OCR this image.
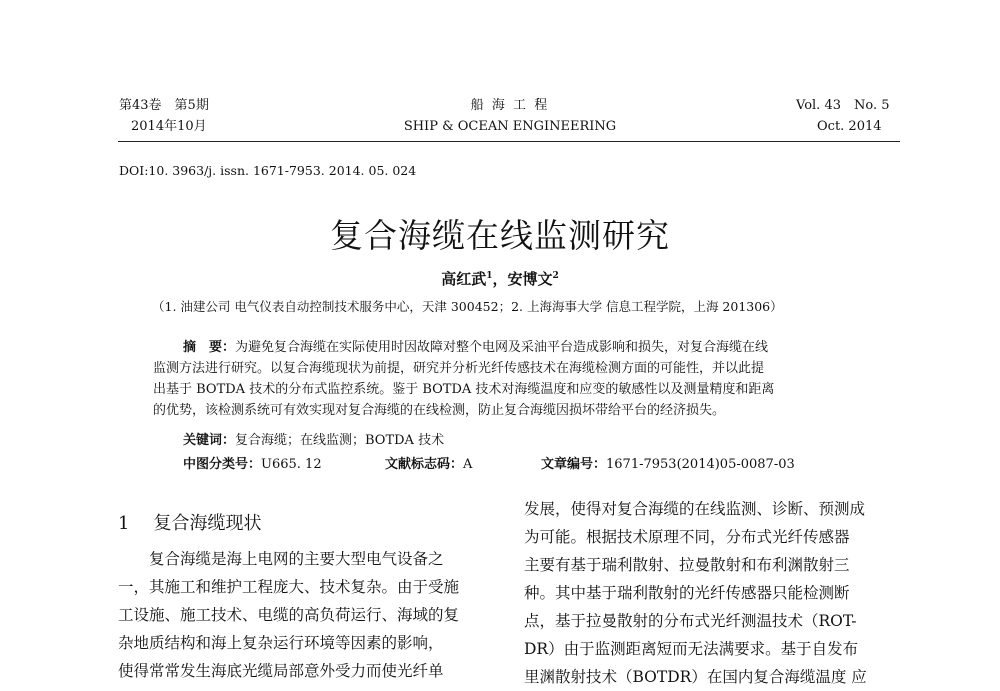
第43卷　第5期
2014年10月
船 海 工 程
SHIP & OCEAN ENGINEERING
Vol. 43　No. 5
Oct. 2014
DOI:10. 3963/j. issn. 1671-7953. 2014. 05. 024
复合海缆在线监测研究
高红武$^1$，安博文$^2$
（1. 油建公司 电气仪表自动控制技术服务中心，天津 300452；2. 上海海事大学 信息工程学院，上海 201306）
摘　要：为避免复合海缆在实际使用时因故障对整个电网及采油平台造成影响和损失，对复合海缆在线
监测方法进行研究。以复合海缆现状为前提，研究并分析光纤传感技术在海缆检测方面的可能性，并以此提
出基于 BOTDA 技术的分布式监控系统。鉴于 BOTDA 技术对海缆温度和应变的敏感性以及测量精度和距离
的优势，该检测系统可有效实现对复合海缆的在线检测，防止复合海缆因损坏带给平台的经济损失。
关键词：复合海缆；在线监测；BOTDA 技术
中图分类号：U665. 12	文献标志码：A	文章编号：1671-7953(2014)05-0087-03
1 复合海缆现状
　　复合海缆是海上电网的主要大型电气设备之
一，其施工和维护工程庞大、技术复杂。由于受施
工设施、施工技术、电缆的高负荷运行、海域的复
杂地质结构和海上复杂运行环境等因素的影响，
使得常常发生海底光缆局部意外受力而使光纤单
发展，使得对复合海缆的在线监测、诊断、预测成
为可能。根据技术原理不同，分布式光纤传感器
主要有基于瑞利散射、拉曼散射和布利渊散射三
种。其中基于瑞利散射的光纤传感器只能检测断
点，基于拉曼散射的分布式光纤测温技术（ROT-
DR）由于监测距离短而无法满要求。基于自发布
里渊散射技术（BOTDR）在国内复合海缆温度 应
